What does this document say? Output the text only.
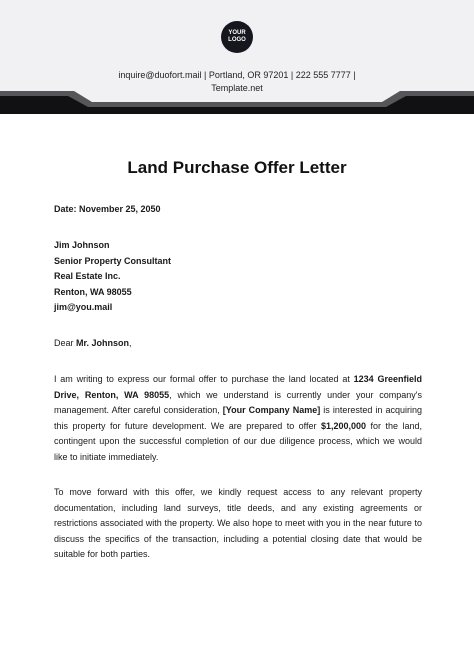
YOUR
LOGO
inquire@duofort.mail | Portland, OR 97201 | 222 555 7777 |
Template.net
Land Purchase Offer Letter
Date: November 25, 2050
Jim Johnson
Senior Property Consultant
Real Estate Inc.
Renton, WA 98055
jim@you.mail
Dear Mr. Johnson,
I am writing to express our formal offer to purchase the land located at 1234 Greenfield Drive, Renton, WA 98055, which we understand is currently under your company's management. After careful consideration, [Your Company Name] is interested in acquiring this property for future development. We are prepared to offer $1,200,000 for the land, contingent upon the successful completion of our due diligence process, which we would like to initiate immediately.
To move forward with this offer, we kindly request access to any relevant property documentation, including land surveys, title deeds, and any existing agreements or restrictions associated with the property. We also hope to meet with you in the near future to discuss the specifics of the transaction, including a potential closing date that would be suitable for both parties.
